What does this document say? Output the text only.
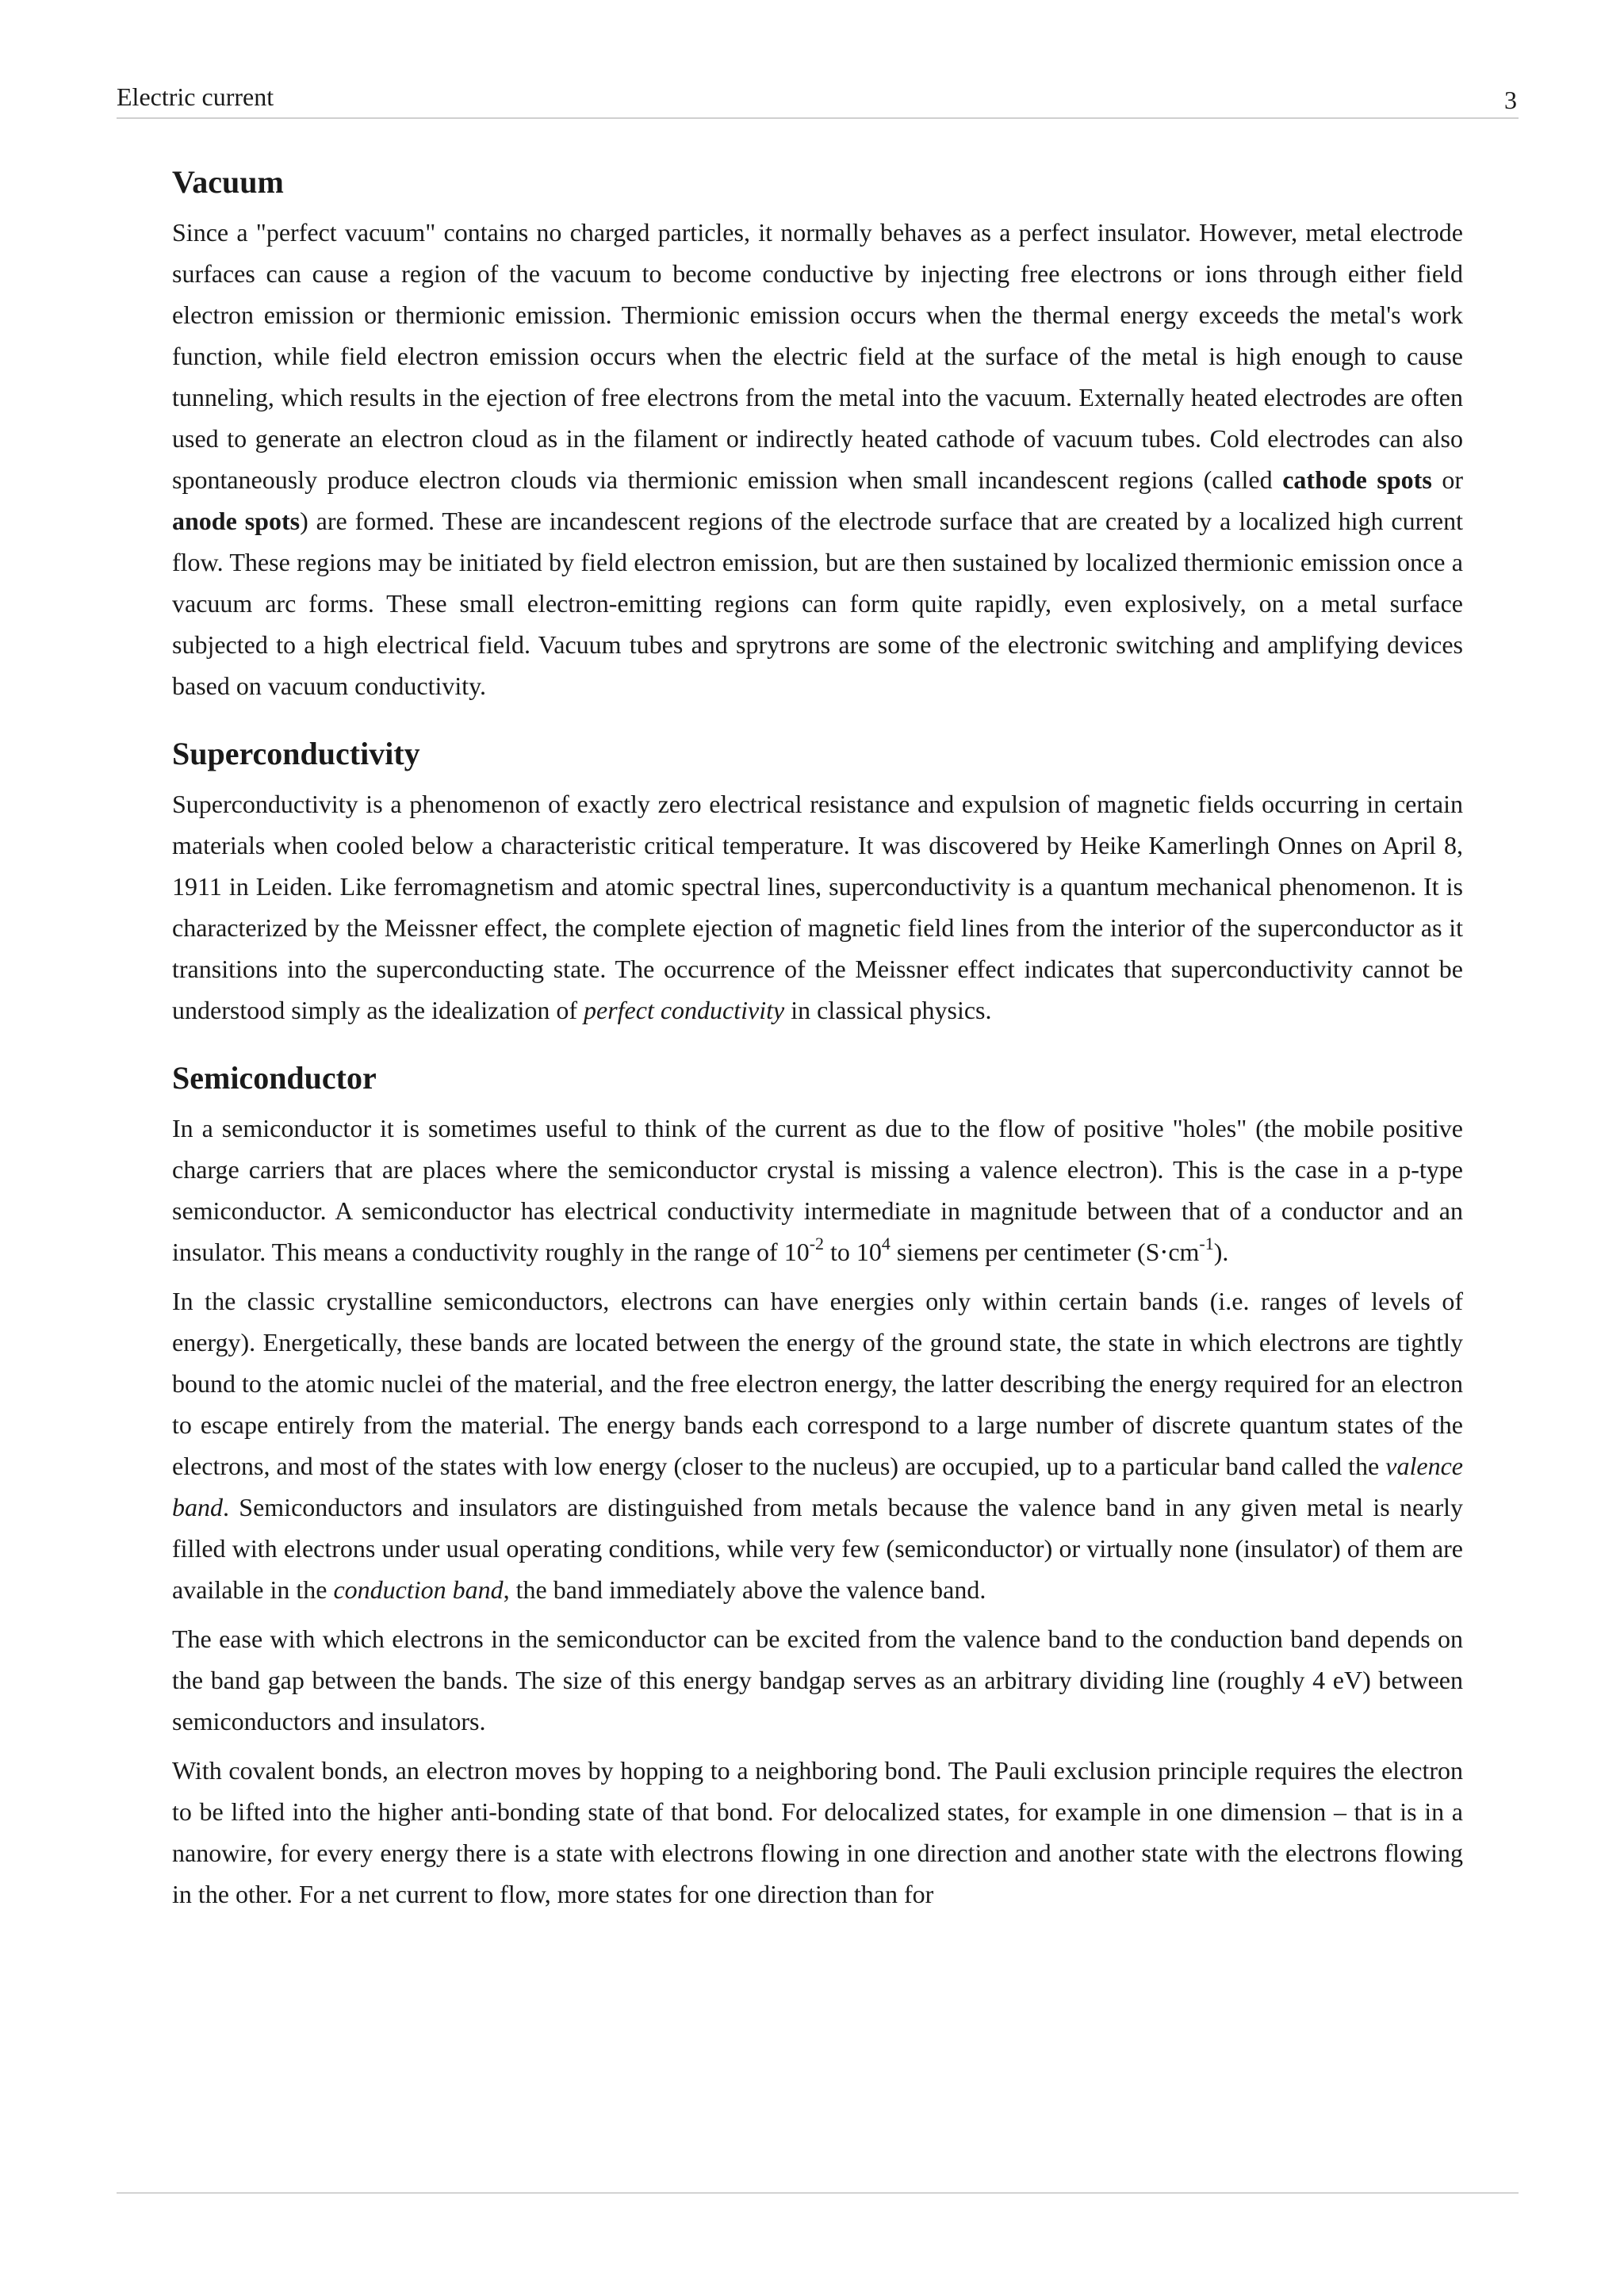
Electric current	3
Vacuum

Since a "perfect vacuum" contains no charged particles, it normally behaves as a perfect insulator. However, metal electrode surfaces can cause a region of the vacuum to become conductive by injecting free electrons or ions through either field electron emission or thermionic emission. Thermionic emission occurs when the thermal energy exceeds the metal's work function, while field electron emission occurs when the electric field at the surface of the metal is high enough to cause tunneling, which results in the ejection of free electrons from the metal into the vacuum. Externally heated electrodes are often used to generate an electron cloud as in the filament or indirectly heated cathode of vacuum tubes. Cold electrodes can also spontaneously produce electron clouds via thermionic emission when small incandescent regions (called cathode spots or anode spots) are formed. These are incandescent regions of the electrode surface that are created by a localized high current flow. These regions may be initiated by field electron emission, but are then sustained by localized thermionic emission once a vacuum arc forms. These small electron-emitting regions can form quite rapidly, even explosively, on a metal surface subjected to a high electrical field. Vacuum tubes and sprytrons are some of the electronic switching and amplifying devices based on vacuum conductivity.

Superconductivity

Superconductivity is a phenomenon of exactly zero electrical resistance and expulsion of magnetic fields occurring in certain materials when cooled below a characteristic critical temperature. It was discovered by Heike Kamerlingh Onnes on April 8, 1911 in Leiden. Like ferromagnetism and atomic spectral lines, superconductivity is a quantum mechanical phenomenon. It is characterized by the Meissner effect, the complete ejection of magnetic field lines from the interior of the superconductor as it transitions into the superconducting state. The occurrence of the Meissner effect indicates that superconductivity cannot be understood simply as the idealization of perfect conductivity in classical physics.

Semiconductor

In a semiconductor it is sometimes useful to think of the current as due to the flow of positive "holes" (the mobile positive charge carriers that are places where the semiconductor crystal is missing a valence electron). This is the case in a p-type semiconductor. A semiconductor has electrical conductivity intermediate in magnitude between that of a conductor and an insulator. This means a conductivity roughly in the range of $10^{-2}$ to $10^4$ siemens per centimeter $(S\cdot cm^{-1})$.

In the classic crystalline semiconductors, electrons can have energies only within certain bands (i.e. ranges of levels of energy). Energetically, these bands are located between the energy of the ground state, the state in which electrons are tightly bound to the atomic nuclei of the material, and the free electron energy, the latter describing the energy required for an electron to escape entirely from the material. The energy bands each correspond to a large number of discrete quantum states of the electrons, and most of the states with low energy (closer to the nucleus) are occupied, up to a particular band called the valence band. Semiconductors and insulators are distinguished from metals because the valence band in any given metal is nearly filled with electrons under usual operating conditions, while very few (semiconductor) or virtually none (insulator) of them are available in the conduction band, the band immediately above the valence band.

The ease with which electrons in the semiconductor can be excited from the valence band to the conduction band depends on the band gap between the bands. The size of this energy bandgap serves as an arbitrary dividing line (roughly 4 eV) between semiconductors and insulators.

With covalent bonds, an electron moves by hopping to a neighboring bond. The Pauli exclusion principle requires the electron to be lifted into the higher anti-bonding state of that bond. For delocalized states, for example in one dimension – that is in a nanowire, for every energy there is a state with electrons flowing in one direction and another state with the electrons flowing in the other. For a net current to flow, more states for one direction than for
